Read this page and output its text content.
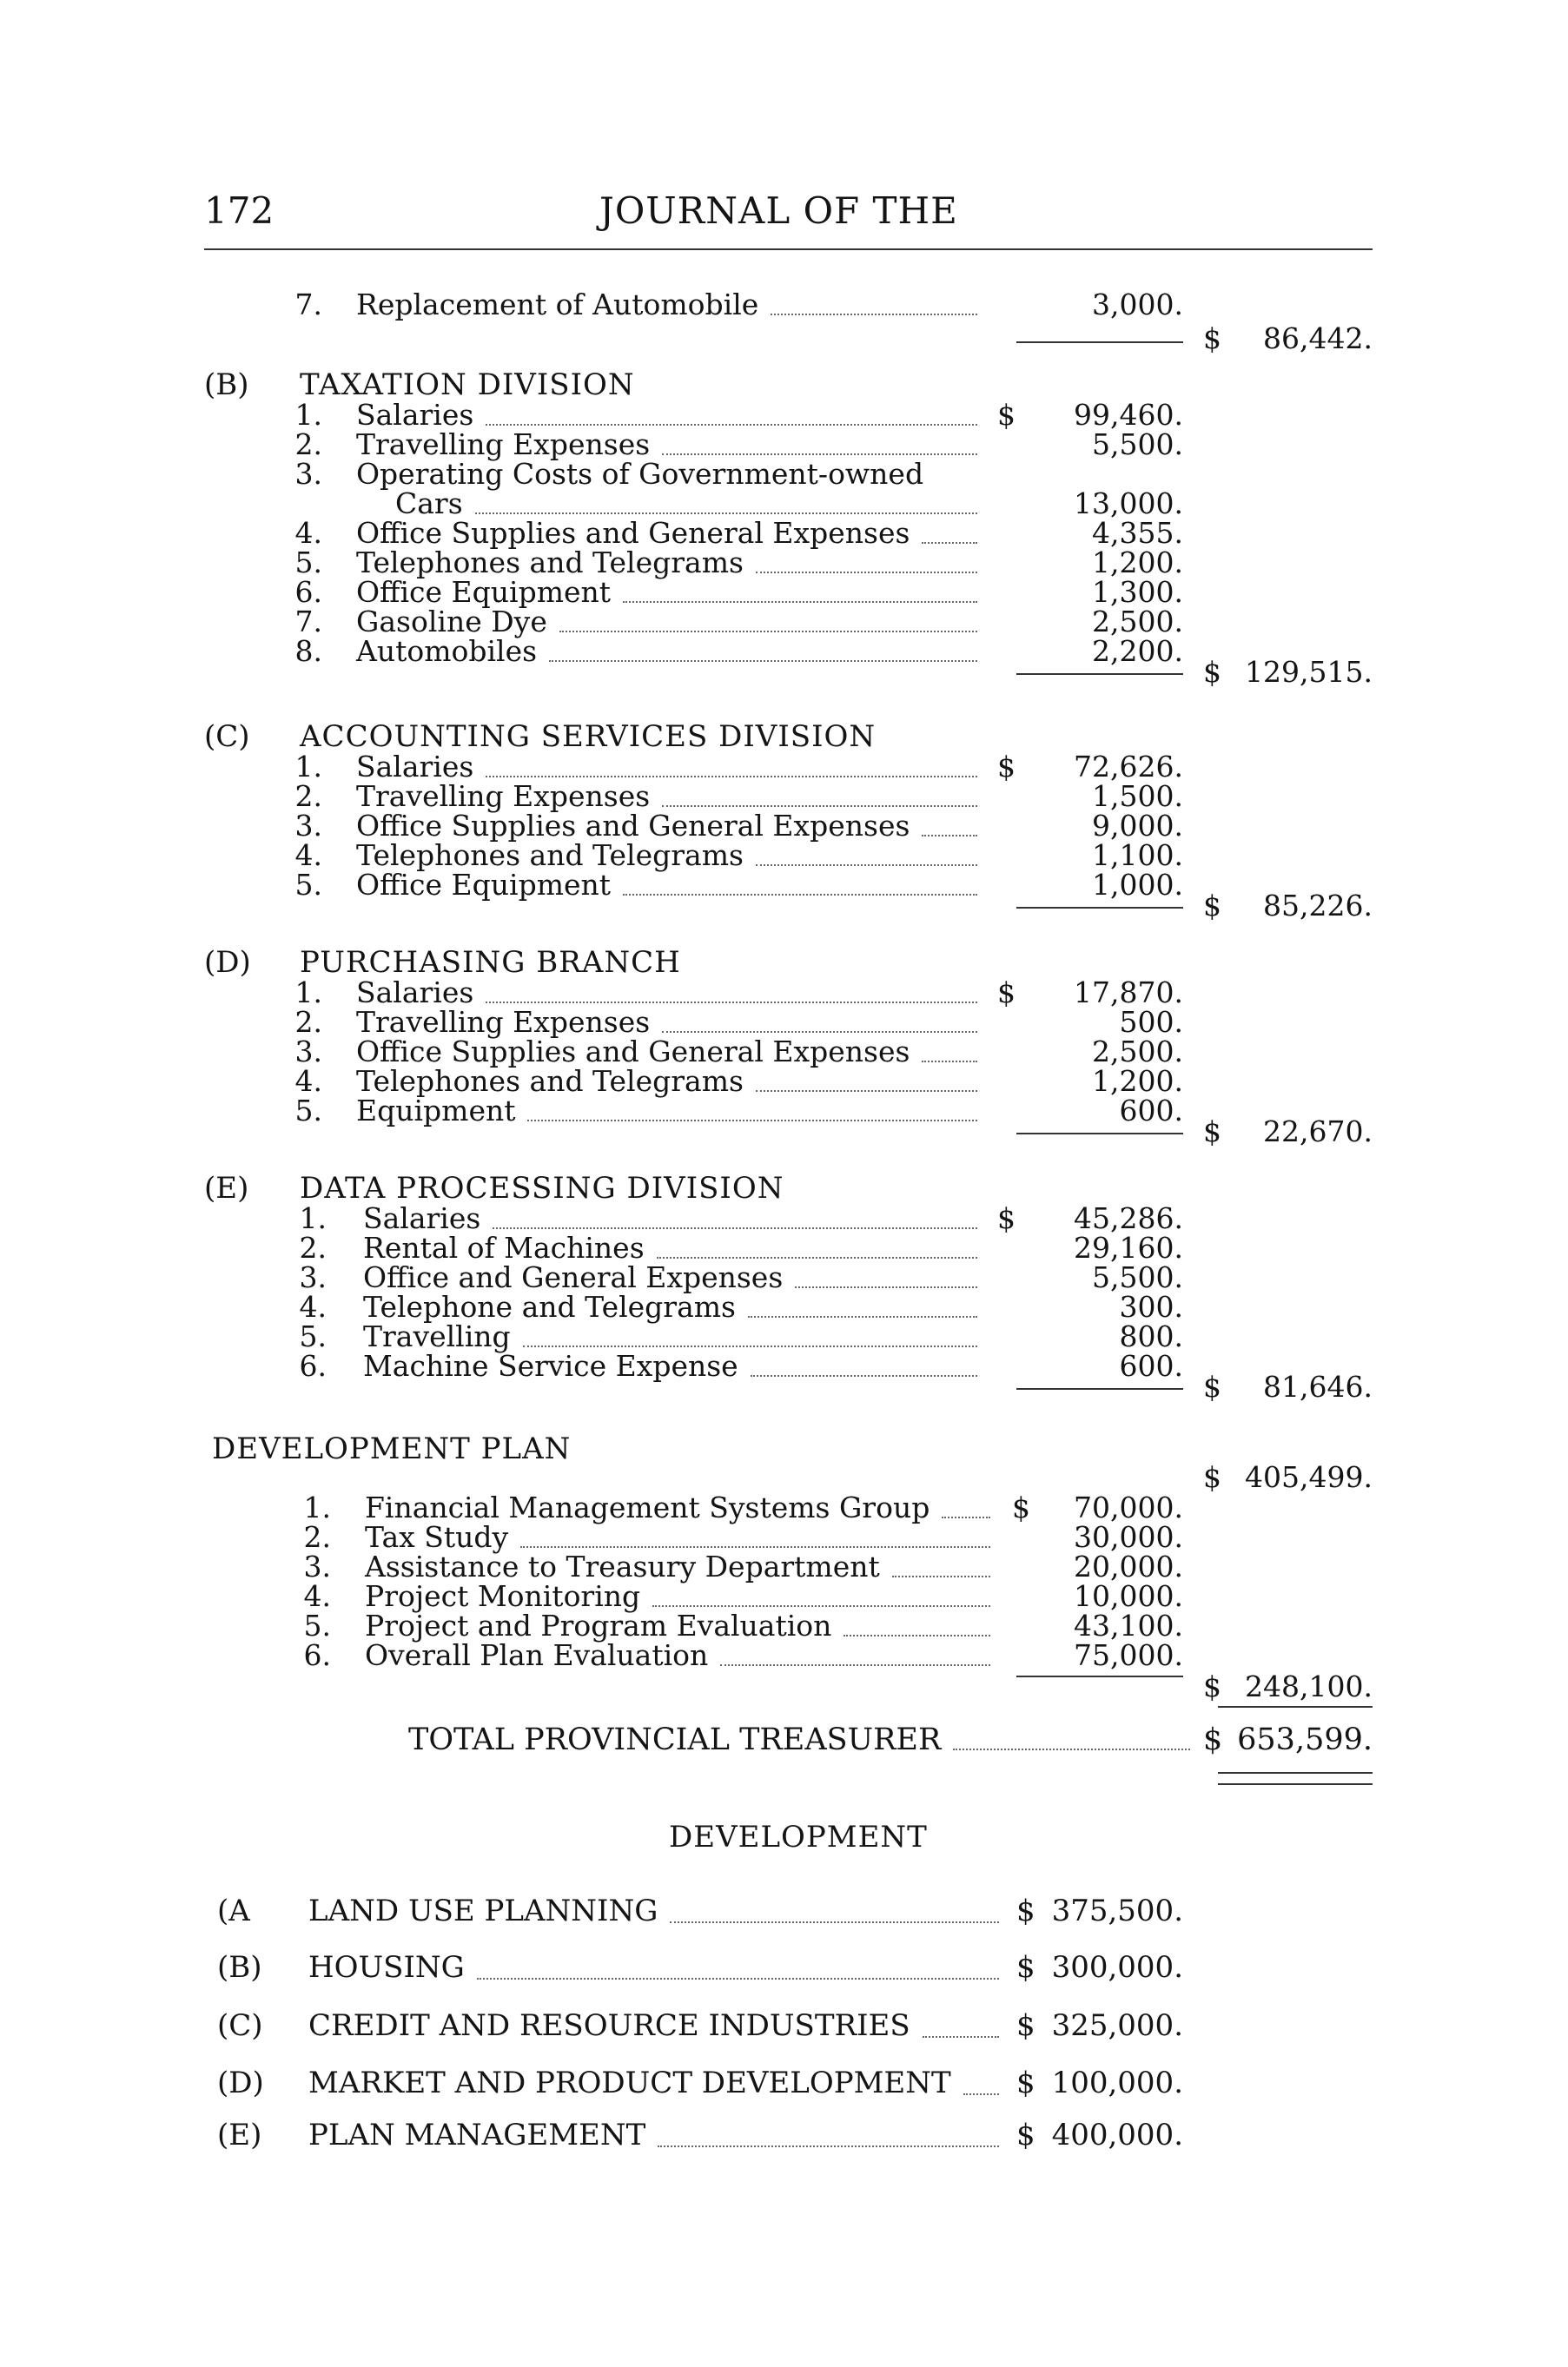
172	JOURNAL OF THE
7. Replacement of Automobile	3,000.
$ 86,442.
(B) TAXATION DIVISION
1. Salaries	$ 99,460.
2. Travelling Expenses	5,500.
3. Operating Costs of Government-owned
Cars	13,000.
4. Office Supplies and General Expenses	4,355.
5. Telephones and Telegrams	1,200.
6. Office Equipment	1,300.
7. Gasoline Dye	2,500.
8. Automobiles	2,200.
$ 129,515.
(C) ACCOUNTING SERVICES DIVISION
1. Salaries	$ 72,626.
2. Travelling Expenses	1,500.
3. Office Supplies and General Expenses	9,000.
4. Telephones and Telegrams	1,100.
5. Office Equipment	1,000.
$ 85,226.
(D) PURCHASING BRANCH
1. Salaries	$ 17,870.
2. Travelling Expenses	500.
3. Office Supplies and General Expenses	2,500.
4. Telephones and Telegrams	1,200.
5. Equipment	600.
$ 22,670.
(E) DATA PROCESSING DIVISION
1. Salaries	$ 45,286.
2. Rental of Machines	29,160.
3. Office and General Expenses	5,500.
4. Telephone and Telegrams	300.
5. Travelling	800.
6. Machine Service Expense	600.
$ 81,646.
DEVELOPMENT PLAN
$ 405,499.
1. Financial Management Systems Group	$ 70,000.
2. Tax Study	30,000.
3. Assistance to Treasury Department	20,000.
4. Project Monitoring	10,000.
5. Project and Program Evaluation	43,100.
6. Overall Plan Evaluation	75,000.
$ 248,100.
TOTAL PROVINCIAL TREASURER	$ 653,599.
DEVELOPMENT
(A LAND USE PLANNING	$ 375,500.
(B) HOUSING	$ 300,000.
(C) CREDIT AND RESOURCE INDUSTRIES	$ 325,000.
(D) MARKET AND PRODUCT DEVELOPMENT $ 100,000.
(E) PLAN MANAGEMENT	$ 400,000.
